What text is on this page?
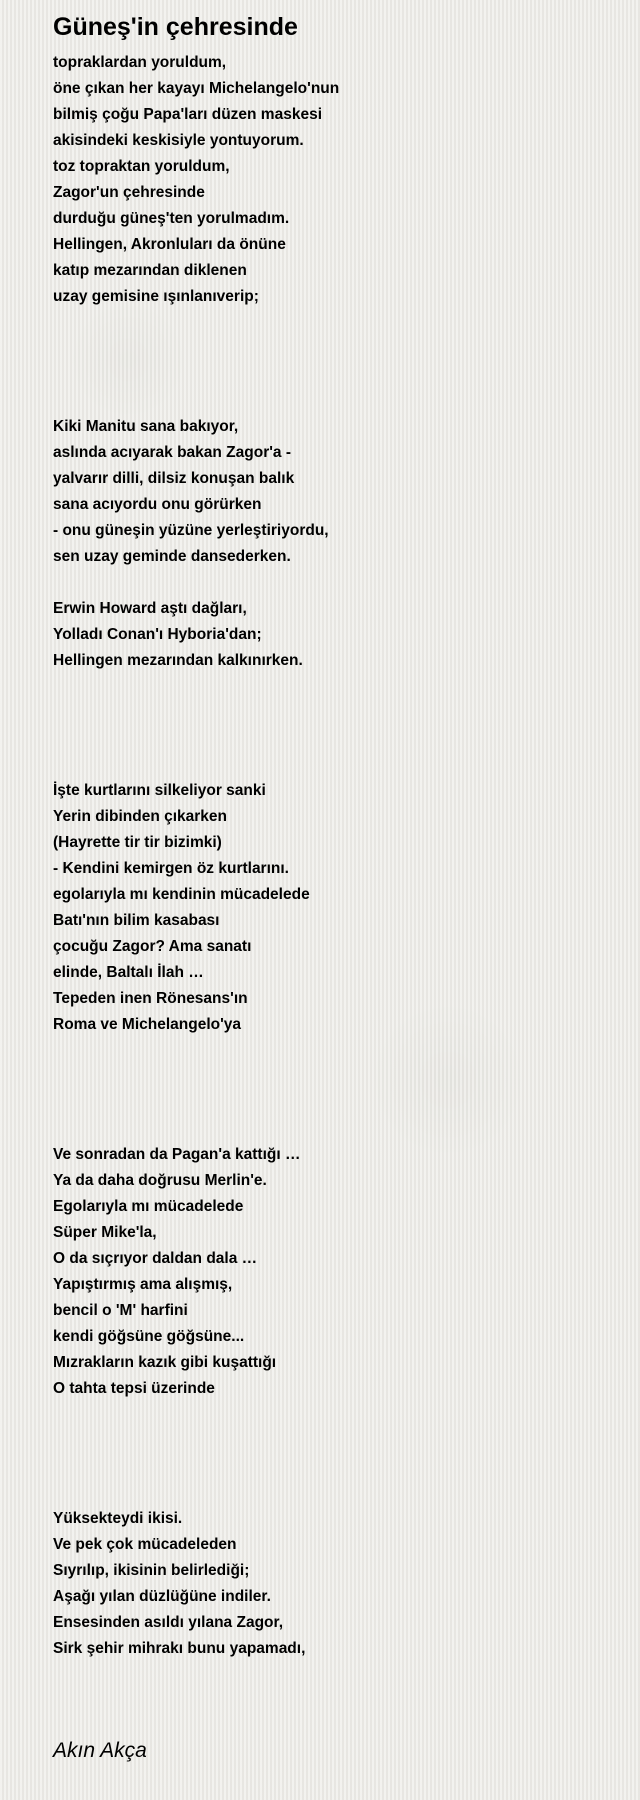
Güneş'in çehresinde
topraklardan yoruldum,
öne çıkan her kayayı Michelangelo'nun
bilmiş çoğu Papa'ları düzen maskesi
akisindeki keskisiyle yontuyorum.
toz topraktan yoruldum,
Zagor'un çehresinde
durduğu güneş'ten yorulmadım.
Hellingen, Akronluları da önüne
katıp mezarından diklenen
uzay gemisine ışınlanıverip;
Kiki Manitu sana bakıyor,
aslında acıyarak bakan Zagor'a -
yalvarır dilli, dilsiz konuşan balık
sana acıyordu onu görürken
- onu güneşin yüzüne yerleştiriyordu,
sen uzay geminde dansederken.
Erwin Howard aştı dağları,
Yolladı Conan'ı Hyboria'dan;
Hellingen mezarından kalkınırken.
İşte kurtlarını silkeliyor sanki
Yerin dibinden çıkarken
(Hayrette tir tir bizimki)
- Kendini kemirgen öz kurtlarını.
egolarıyla mı kendinin mücadelede
Batı'nın bilim kasabası
çocuğu Zagor? Ama sanatı
elinde, Baltalı İlah …
Tepeden inen Rönesans'ın
Roma ve Michelangelo'ya
Ve sonradan da Pagan'a kattığı …
Ya da daha doğrusu Merlin'e.
Egolarıyla mı mücadelede
Süper Mike'la,
O da sıçrıyor daldan dala …
Yapıştırmış ama alışmış,
bencil o 'M' harfini
kendi göğsüne göğsüne...
Mızrakların kazık gibi kuşattığı
O tahta tepsi üzerinde
Yüksekteydi ikisi.
Ve pek çok mücadeleden
Sıyrılıp, ikisinin belirlediği;
Aşağı yılan düzlüğüne indiler.
Ensesinden asıldı yılana Zagor,
Sirk şehir mihrakı bunu yapamadı,
Akın Akça
